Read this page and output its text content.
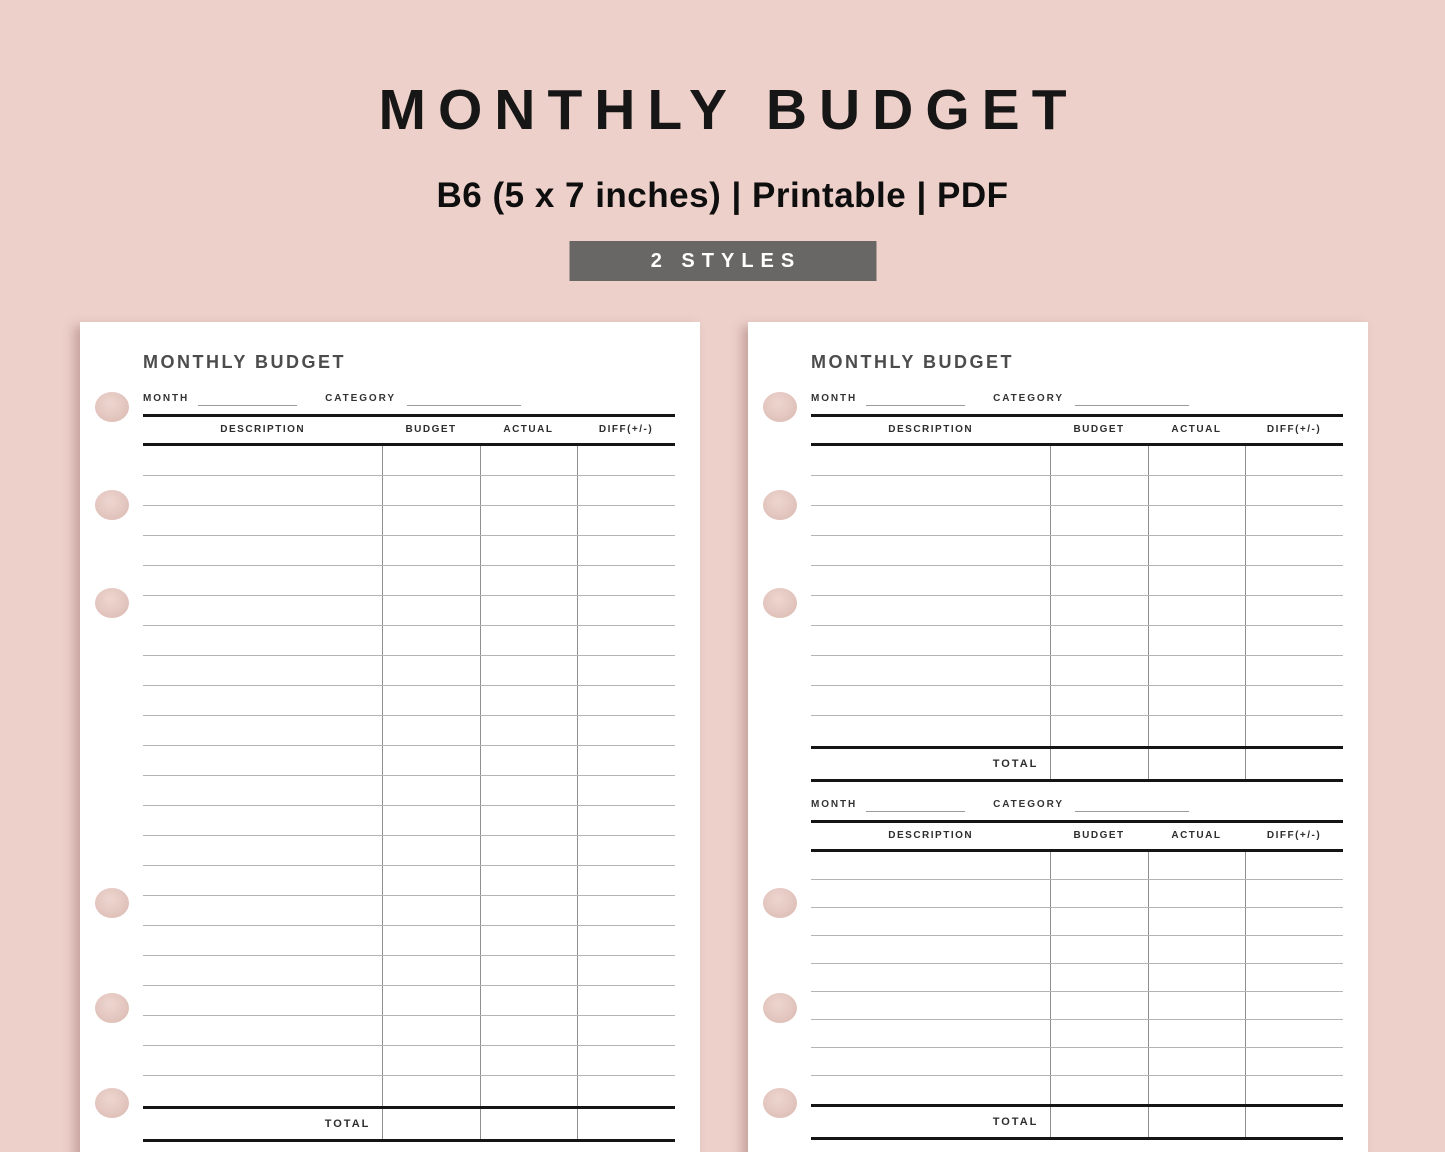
MONTHLY BUDGET
B6 (5 x 7 inches) | Printable | PDF
2 STYLES
MONTHLY BUDGET
MONTH	CATEGORY
DESCRIPTION	BUDGET	ACTUAL	DIFF(+/-)
TOTAL
MONTHLY BUDGET
MONTH	CATEGORY
DESCRIPTION	BUDGET	ACTUAL	DIFF(+/-)
TOTAL
MONTH	CATEGORY
DESCRIPTION	BUDGET	ACTUAL	DIFF(+/-)
TOTAL
